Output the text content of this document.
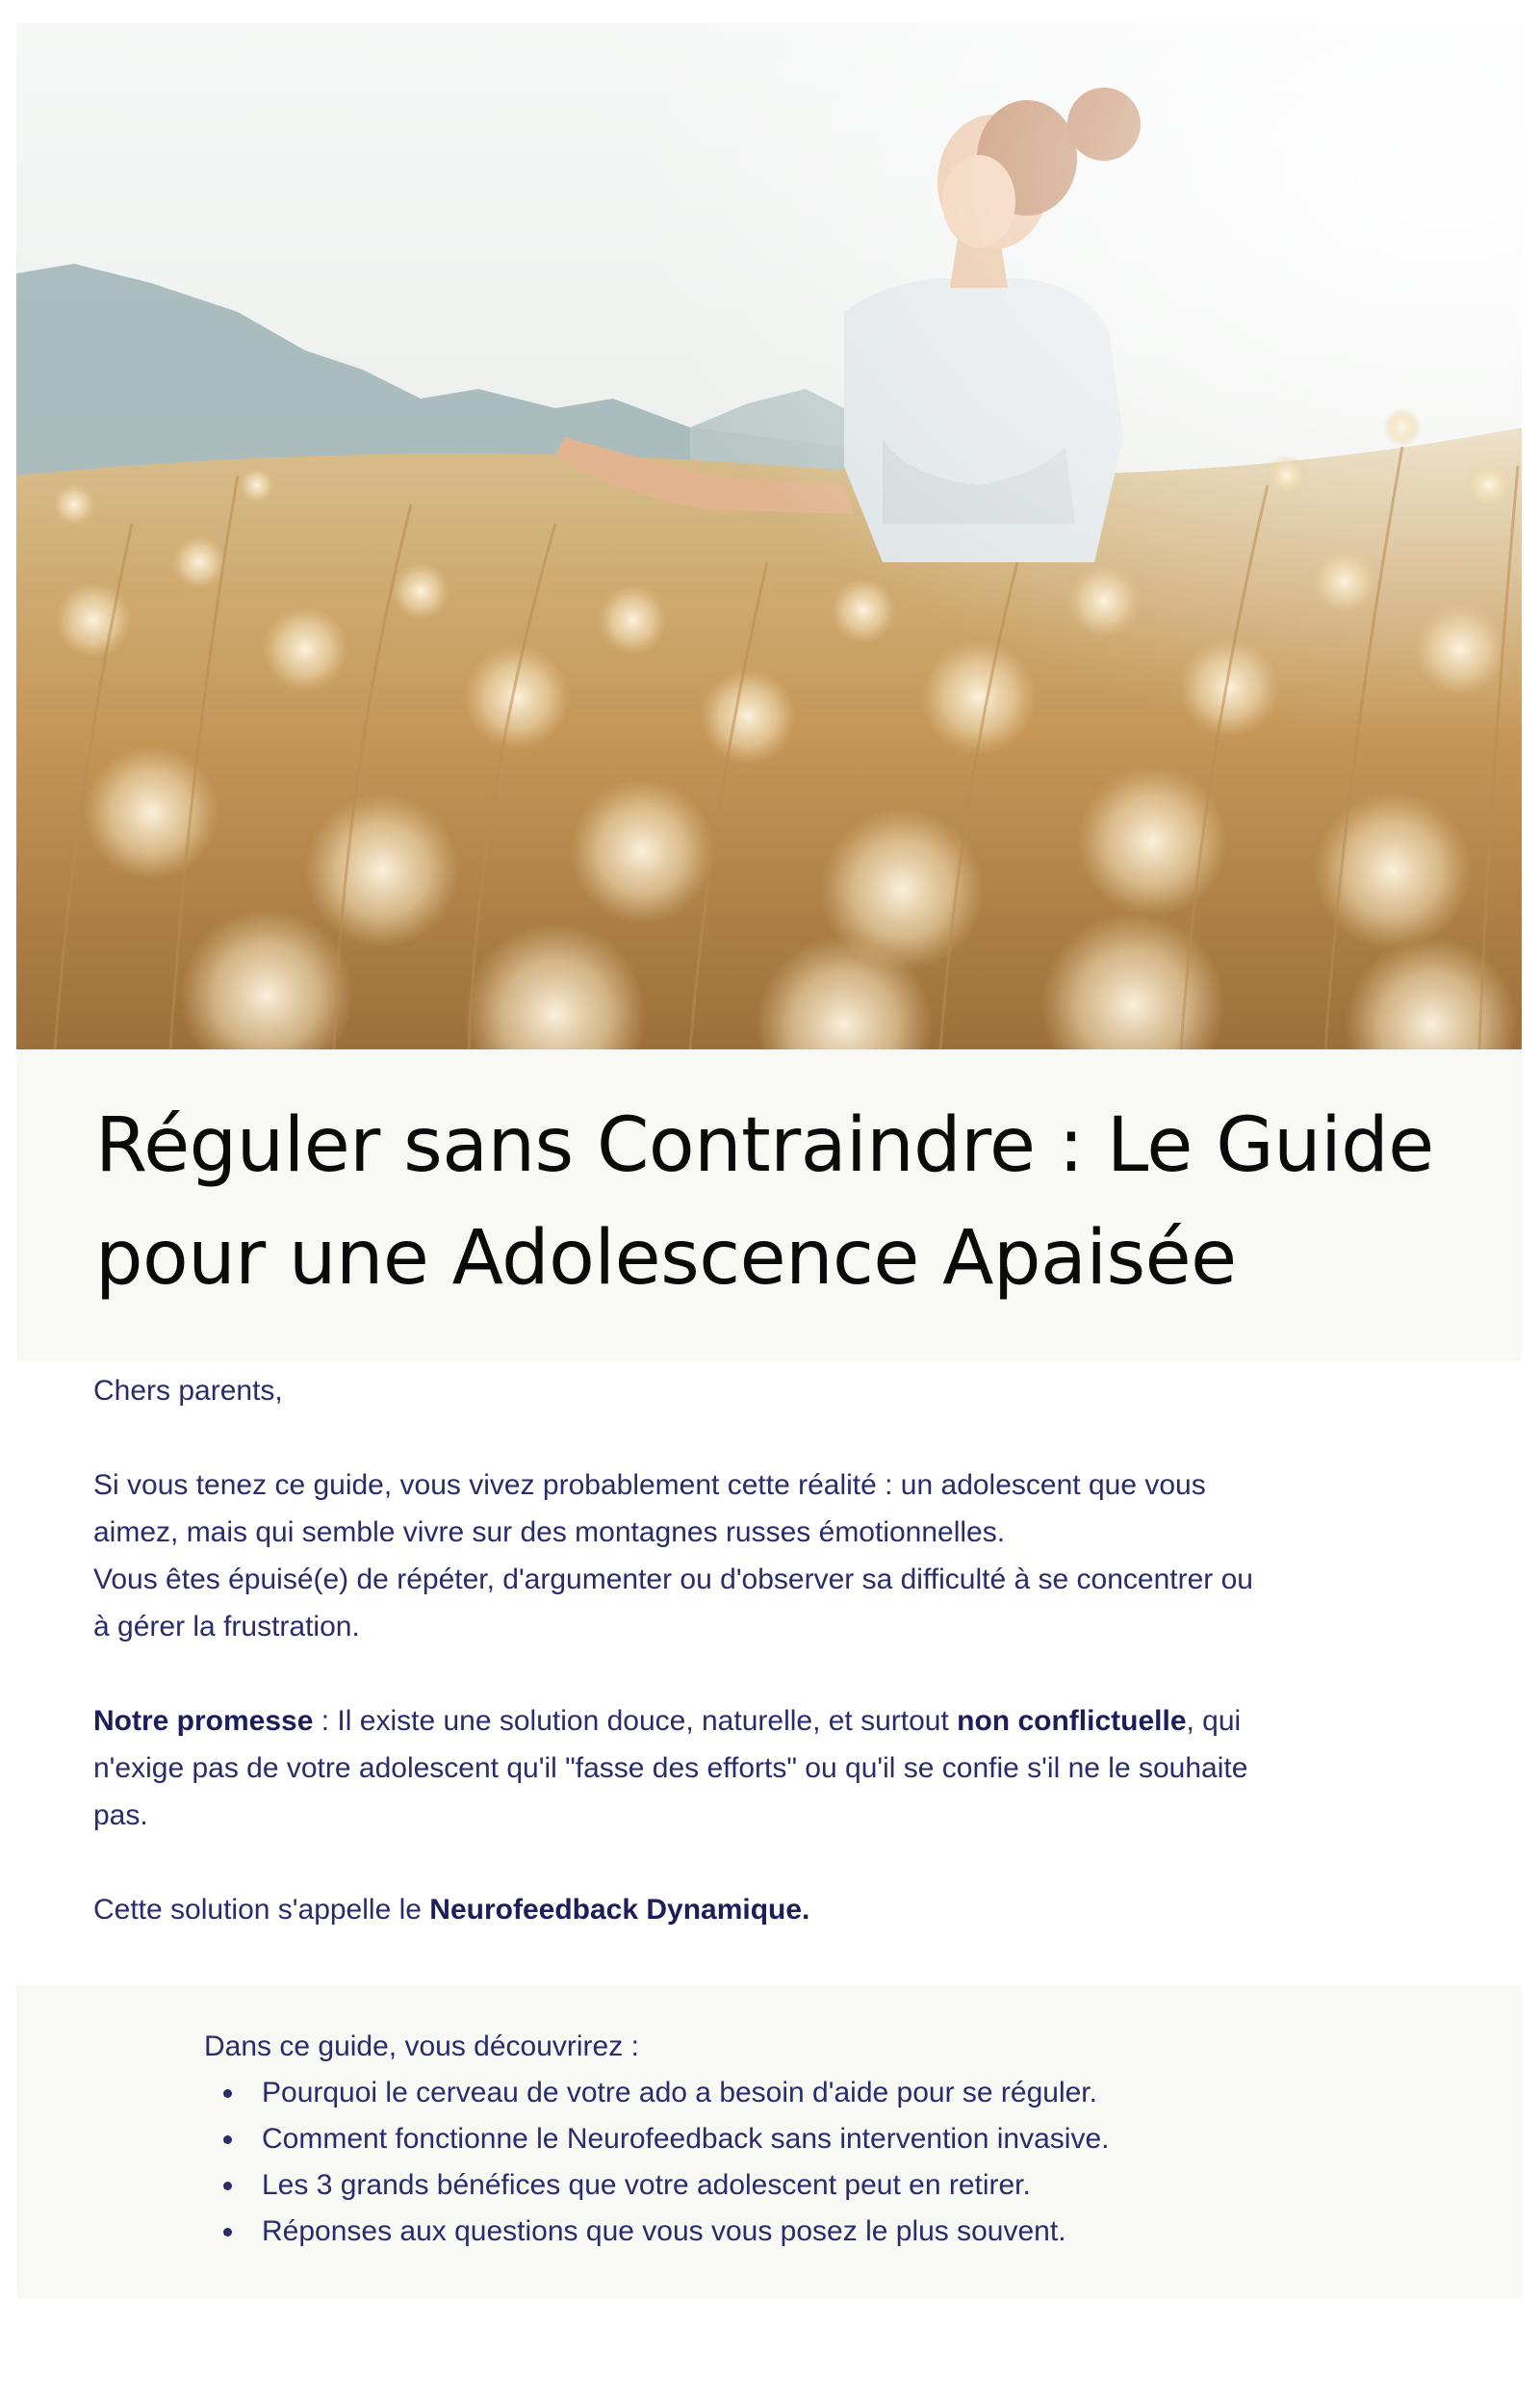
Réguler sans Contraindre : Le Guide
pour une Adolescence Apaisée

Chers parents,

Si vous tenez ce guide, vous vivez probablement cette réalité : un adolescent que vous
aimez, mais qui semble vivre sur des montagnes russes émotionnelles.
Vous êtes épuisé(e) de répéter, d'argumenter ou d'observer sa difficulté à se concentrer ou
à gérer la frustration.

Notre promesse : Il existe une solution douce, naturelle, et surtout non conflictuelle, qui
n'exige pas de votre adolescent qu'il "fasse des efforts" ou qu'il se confie s'il ne le souhaite
pas.

Cette solution s'appelle le Neurofeedback Dynamique.

Dans ce guide, vous découvrirez :

Pourquoi le cerveau de votre ado a besoin d'aide pour se réguler.
Comment fonctionne le Neurofeedback sans intervention invasive.
Les 3 grands bénéfices que votre adolescent peut en retirer.
Réponses aux questions que vous vous posez le plus souvent.
